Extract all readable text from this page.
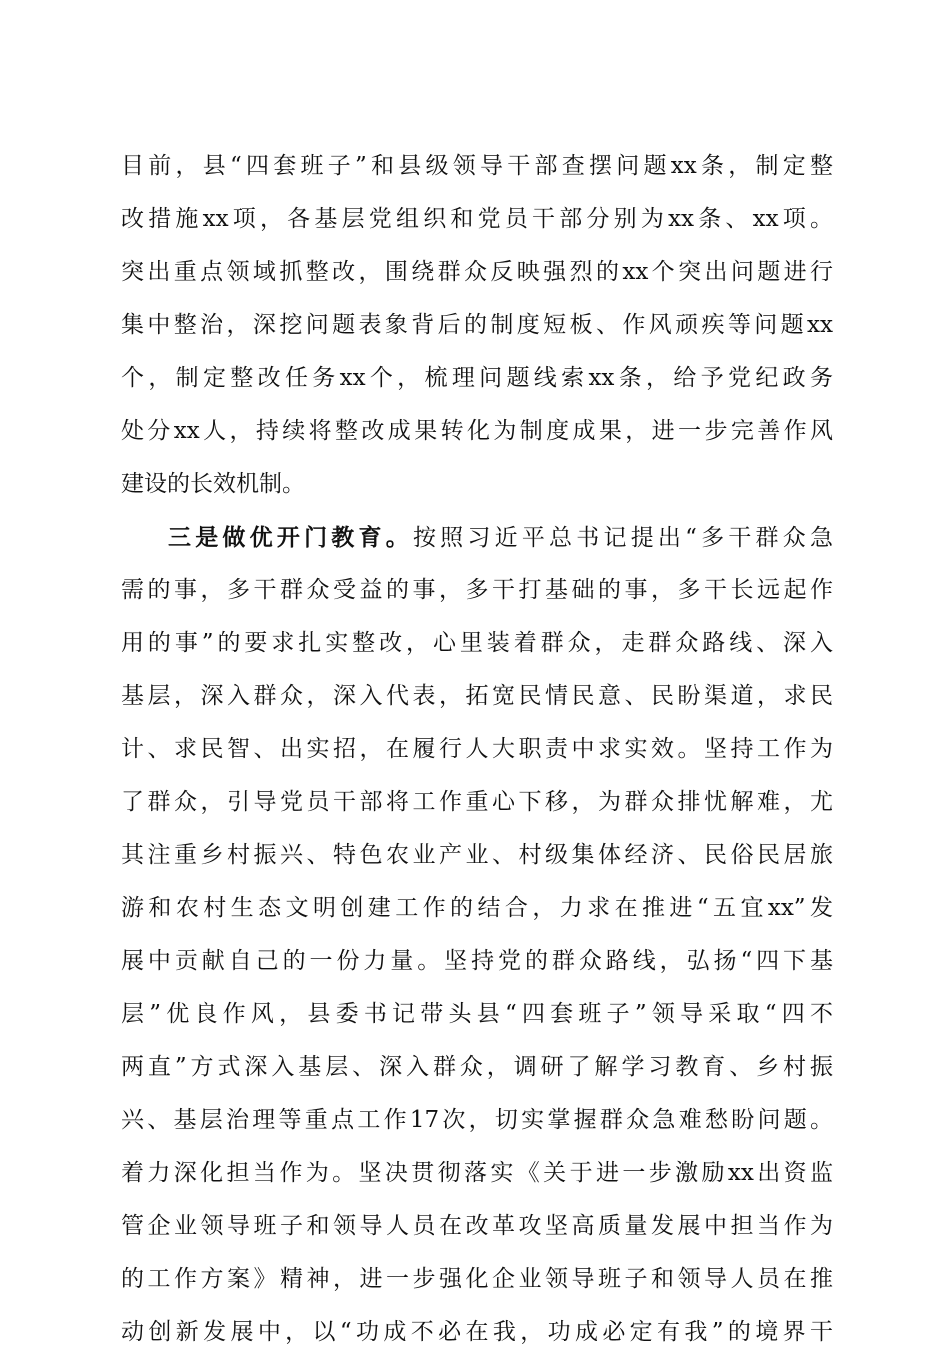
目前，县“四套班子”和县级领导干部查摆问题xx条，制定整
改措施xx项，各基层党组织和党员干部分别为xx条、xx项。
突出重点领域抓整改，围绕群众反映强烈的xx个突出问题进行
集中整治，深挖问题表象背后的制度短板、作风顽疾等问题xx
个，制定整改任务xx个，梳理问题线索xx条，给予党纪政务
处分xx人，持续将整改成果转化为制度成果，进一步完善作风
建设的长效机制。
三是做优开门教育。按照习近平总书记提出“多干群众急
需的事，多干群众受益的事，多干打基础的事，多干长远起作
用的事”的要求扎实整改，心里装着群众，走群众路线、深入
基层，深入群众，深入代表，拓宽民情民意、民盼渠道，求民
计、求民智、出实招，在履行人大职责中求实效。坚持工作为
了群众，引导党员干部将工作重心下移，为群众排忧解难，尤
其注重乡村振兴、特色农业产业、村级集体经济、民俗民居旅
游和农村生态文明创建工作的结合，力求在推进“五宜xx”发
展中贡献自己的一份力量。坚持党的群众路线，弘扬“四下基
层”优良作风，县委书记带头县“四套班子”领导采取“四不
两直”方式深入基层、深入群众，调研了解学习教育、乡村振
兴、基层治理等重点工作17次，切实掌握群众急难愁盼问题。
着力深化担当作为。坚决贯彻落实《关于进一步激励xx出资监
管企业领导班子和领导人员在改革攻坚高质量发展中担当作为
的工作方案》精神，进一步强化企业领导班子和领导人员在推
动创新发展中，以“功成不必在我，功成必定有我”的境界干
